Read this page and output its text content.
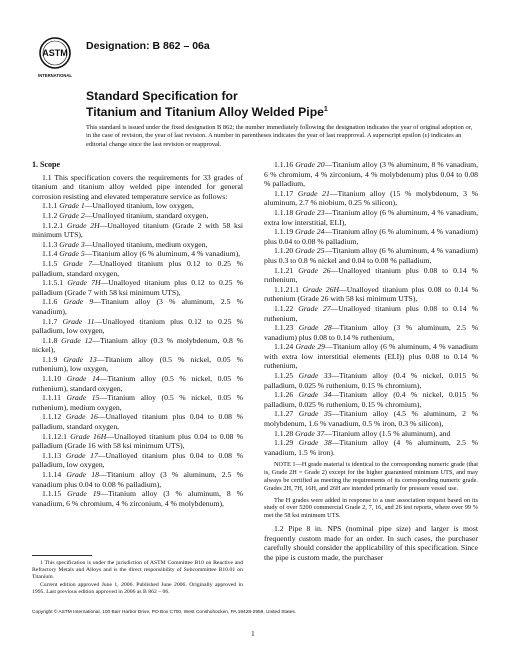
ASTM
INTERNATIONAL
Designation: B 862 – 06a
Standard Specification for
Titanium and Titanium Alloy Welded Pipe$^1$
This standard is issued under the fixed designation B 862; the number immediately following the designation indicates the year of original adoption or, in the case of revision, the year of last revision. A number in parentheses indicates the year of last reapproval. A superscript epsilon (ε) indicates an editorial change since the last revision or reapproval.

1. Scope

1.1 This specification covers the requirements for 33 grades of titanium and titanium alloy welded pipe intended for general corrosion resisting and elevated temperature service as follows:

1.1.1 Grade 1—Unalloyed titanium, low oxygen,

1.1.2 Grade 2—Unalloyed titanium, standard oxygen,

1.1.2.1 Grade 2H—Unalloyed titanium (Grade 2 with 58 ksi minimum UTS),

1.1.3 Grade 3—Unalloyed titanium, medium oxygen,

1.1.4 Grade 5—Titanium alloy (6 % aluminum, 4 % vanadium),

1.1.5 Grade 7—Unalloyed titanium plus 0.12 to 0.25 % palladium, standard oxygen,

1.1.5.1 Grade 7H—Unalloyed titanium plus 0.12 to 0.25 % palladium (Grade 7 with 58 ksi minimum UTS),

1.1.6 Grade 9—Titanium alloy (3 % aluminum, 2.5 % vanadium),

1.1.7 Grade 11—Unalloyed titanium plus 0.12 to 0.25 % palladium, low oxygen,

1.1.8 Grade 12—Titanium alloy (0.3 % molybdenum, 0.8 % nickel),

1.1.9 Grade 13—Titanium alloy (0.5 % nickel, 0.05 % ruthenium), low oxygen,

1.1.10 Grade 14—Titanium alloy (0.5 % nickel, 0.05 % ruthenium), standard oxygen,

1.1.11 Grade 15—Titanium alloy (0.5 % nickel, 0.05 % ruthenium), medium oxygen,

1.1.12 Grade 16—Unalloyed titanium plus 0.04 to 0.08 % palladium, standard oxygen,

1.1.12.1 Grade 16H—Unalloyed titanium plus 0.04 to 0.08 % palladium (Grade 16 with 58 ksi minimum UTS),

1.1.13 Grade 17—Unalloyed titanium plus 0.04 to 0.08 % palladium, low oxygen,

1.1.14 Grade 18—Titanium alloy (3 % aluminum, 2.5 % vanadium plus 0.04 to 0.08 % palladium),

1.1.15 Grade 19—Titanium alloy (3 % aluminum, 8 % vanadium, 6 % chromium, 4 % zirconium, 4 % molybdenum),

1.1.16 Grade 20—Titanium alloy (3 % aluminum, 8 % vanadium, 6 % chromium, 4 % zirconium, 4 % molybdenum) plus 0.04 to 0.08 % palladium,

1.1.17 Grade 21—Titanium alloy (15 % molybdenum, 3 % aluminum, 2.7 % niobium, 0.25 % silicon),

1.1.18 Grade 23—Titanium alloy (6 % aluminum, 4 % vanadium, extra low interstitial, ELI),

1.1.19 Grade 24—Titanium alloy (6 % aluminum, 4 % vanadium) plus 0.04 to 0.08 % palladium,

1.1.20 Grade 25—Titanium alloy (6 % aluminum, 4 % vanadium) plus 0.3 to 0.8 % nickel and 0.04 to 0.08 % palladium,

1.1.21 Grade 26—Unalloyed titanium plus 0.08 to 0.14 % ruthenium,

1.1.21.1 Grade 26H—Unalloyed titanium plus 0.08 to 0.14 % ruthenium (Grade 26 with 58 ksi minimum UTS),

1.1.22 Grade 27—Unalloyed titanium plus 0.08 to 0.14 % ruthenium,

1.1.23 Grade 28—Titanium alloy (3 % aluminum, 2.5 % vanadium) plus 0.08 to 0.14 % ruthenium,

1.1.24 Grade 29—Titanium alloy (6 % aluminum, 4 % vanadium with extra low interstitial elements (ELI)) plus 0.08 to 0.14 % ruthenium,

1.1.25 Grade 33—Titanium alloy (0.4 % nickel, 0.015 % palladium, 0.025 % ruthenium, 0.15 % chromium),

1.1.26 Grade 34—Titanium alloy (0.4 % nickel, 0.015 % palladium, 0.025 % ruthenium, 0.15 % chromium),

1.1.27 Grade 35—Titanium alloy (4.5 % aluminum, 2 % molybdenum, 1.6 % vanadium, 0.5 % iron, 0.3 % silicon),

1.1.28 Grade 37—Titanium alloy (1.5 % aluminum), and

1.1.29 Grade 38—Titanium alloy (4 % aluminum, 2.5 % vanadium, 1.5 % iron).

NOTE 1—H grade material is identical to the corresponding numeric grade (that is, Grade 2H = Grade 2) except for the higher guaranteed minimum UTS, and may always be certified as meeting the requirements of its corresponding numeric grade. Grades 2H, 7H, 16H, and 26H are intended primarily for pressure vessel use.

The H grades were added in response to a user association request based on its study of over 5200 commercial Grade 2, 7, 16, and 26 test reports, where over 99 % met the 58 ksi minimum UTS.

1.2 Pipe 8 in. NPS (nominal pipe size) and larger is most frequently custom made for an order. In such cases, the purchaser carefully should consider the applicability of this specification. Since the pipe is custom made, the purchaser

1 This specification is under the jurisdiction of ASTM Committee B10 on Reactive and Refractory Metals and Alloys and is the direct responsibility of Subcommittee B10.01 on Titanium.

Current edition approved June 1, 2006. Published June 2006. Originally approved in 1995. Last previous edition approved in 2006 as B 862 – 06.

Copyright © ASTM International, 100 Barr Harbor Drive, PO Box C700, West Conshohocken, PA 19428-2959, United States.
1
